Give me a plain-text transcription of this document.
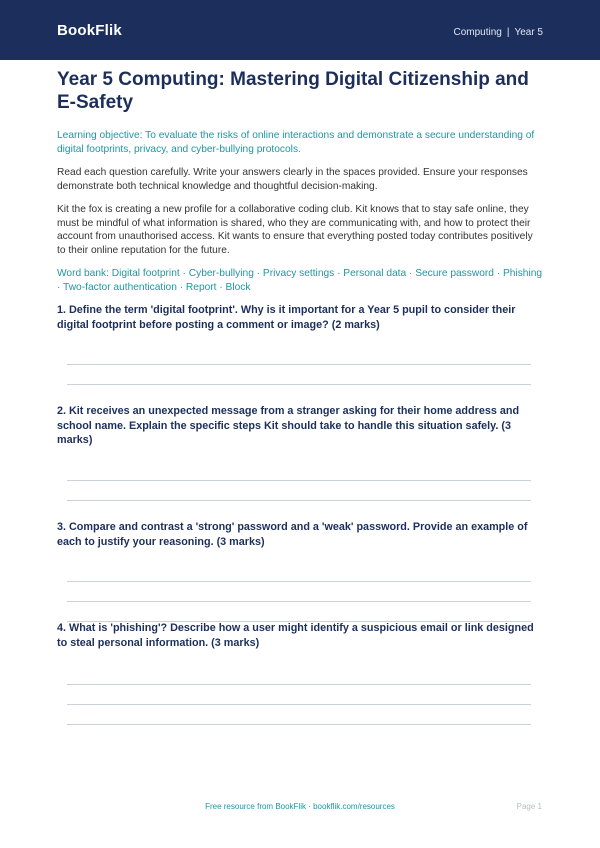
BookFlik	Computing | Year 5
Year 5 Computing: Mastering Digital Citizenship and E-Safety
Learning objective: To evaluate the risks of online interactions and demonstrate a secure understanding of digital footprints, privacy, and cyber-bullying protocols.
Read each question carefully. Write your answers clearly in the spaces provided. Ensure your responses demonstrate both technical knowledge and thoughtful decision-making.
Kit the fox is creating a new profile for a collaborative coding club. Kit knows that to stay safe online, they must be mindful of what information is shared, who they are communicating with, and how to protect their account from unauthorised access. Kit wants to ensure that everything posted today contributes positively to their online reputation for the future.
Word bank: Digital footprint · Cyber-bullying · Privacy settings · Personal data · Secure password · Phishing · Two-factor authentication · Report · Block
1. Define the term 'digital footprint'. Why is it important for a Year 5 pupil to consider their digital footprint before posting a comment or image? (2 marks)
2. Kit receives an unexpected message from a stranger asking for their home address and school name. Explain the specific steps Kit should take to handle this situation safely. (3 marks)
3. Compare and contrast a 'strong' password and a 'weak' password. Provide an example of each to justify your reasoning. (3 marks)
4. What is 'phishing'? Describe how a user might identify a suspicious email or link designed to steal personal information. (3 marks)
Free resource from BookFlik · bookflik.com/resources	Page 1
